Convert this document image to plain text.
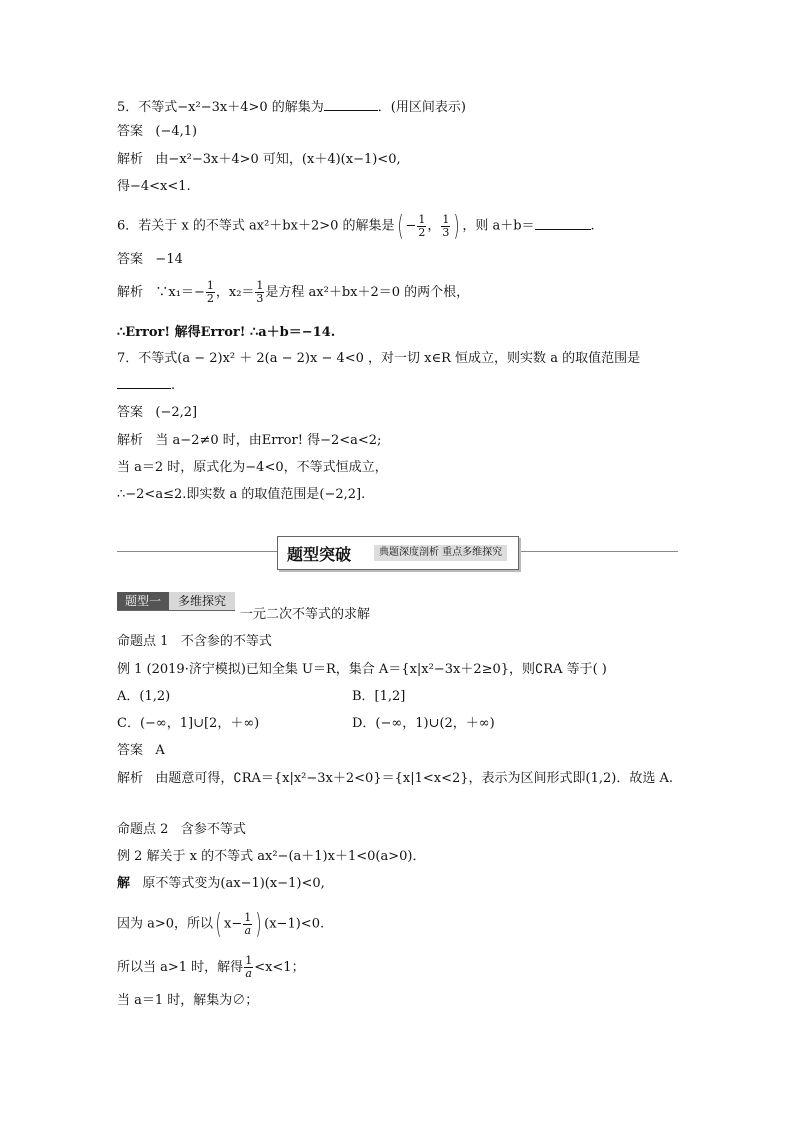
5．不等式−x²−3x＋4>0 的解集为	．(用区间表示)
答案 (−4,1)
解析 由−x²−3x＋4>0 可知，(x＋4)(x−1)<0,
得−4<x<1.
6．若关于 x 的不等式 ax²＋bx＋2>0 的解集是( − $\frac{1}{2}$ ， $\frac{1}{3}$ ) ，则 a＋b＝	.
答案 −14
解析 ∵x₁＝− $\frac{1}{2}$ ，$x_2= \frac{1}{3}$ 是方程 ax²＋bx＋2＝0 的两个根，
∴Error! 解得Error! ∴a＋b＝−14.
7．不等式(a − 2)x² ＋ 2(a − 2)x − 4<0 ，对一切 x∈R 恒成立，则实数 a 的取值范围是
.
答案 (−2,2]
解析 当 a−2≠0 时，由Error! 得−2<a<2;
当 a＝2 时，原式化为−4<0，不等式恒成立，
∴−2<a≤2.即实数 a 的取值范围是(−2,2].
题型突破	典题深度剖析 重点多维探究
题型一	多维探究
一元二次不等式的求解
命题点 1 不含参的不等式
例 1 (2019·济宁模拟)已知全集 U＝R，集合 A＝{x|x²−3x＋2≥0}，则∁RA 等于( )
A．(1,2)	B．[1,2]
C．(−∞，1]∪[2，＋∞)	D．(−∞，1)∪(2，＋∞)
答案 A
解析 由题意可得，∁RA＝{x|x²−3x＋2<0}＝{x|1<x<2}，表示为区间形式即(1,2)．故选 A.
命题点 2 含参不等式
例 2 解关于 x 的不等式 ax²−(a＋1)x＋1<0(a>0)．
解 原不等式变为(ax−1)(x−1)<0,
因为 a>0，所以( $x- \frac{1}{a}$ ) (x−1)<0.
所以当 a>1 时，解得 $\frac{1}{a} <x<1$；
当 a＝1 时，解集为∅；
